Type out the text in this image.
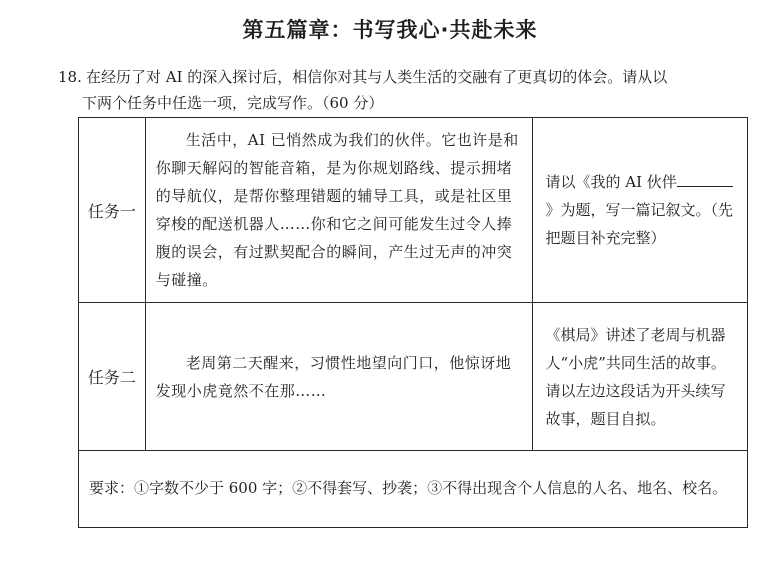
第五篇章：书写我心·共赴未来
18. 在经历了对 AI 的深入探讨后，相信你对其与人类生活的交融有了更真切的体会。请从以
下两个任务中任选一项，完成写作。（60 分）
任务一	生活中，AI 已悄然成为我们的伙伴。它也许是和你聊天解闷的智能音箱，是为你规划路线、提示拥堵的导航仪，是帮你整理错题的辅导工具，或是社区里穿梭的配送机器人……你和它之间可能发生过令人捧腹的误会，有过默契配合的瞬间，产生过无声的冲突与碰撞。	请以《我的 AI 伙伴》为题，写一篇记叙文。（先把题目补充完整）

任务二	老周第二天醒来，习惯性地望向门口，他惊讶地发现小虎竟然不在那……	《棋局》讲述了老周与机器人“小虎”共同生活的故事。请以左边这段话为开头续写故事，题目自拟。

要求：①字数不少于 600 字；②不得套写、抄袭；③不得出现含个人信息的人名、地名、校名。		
